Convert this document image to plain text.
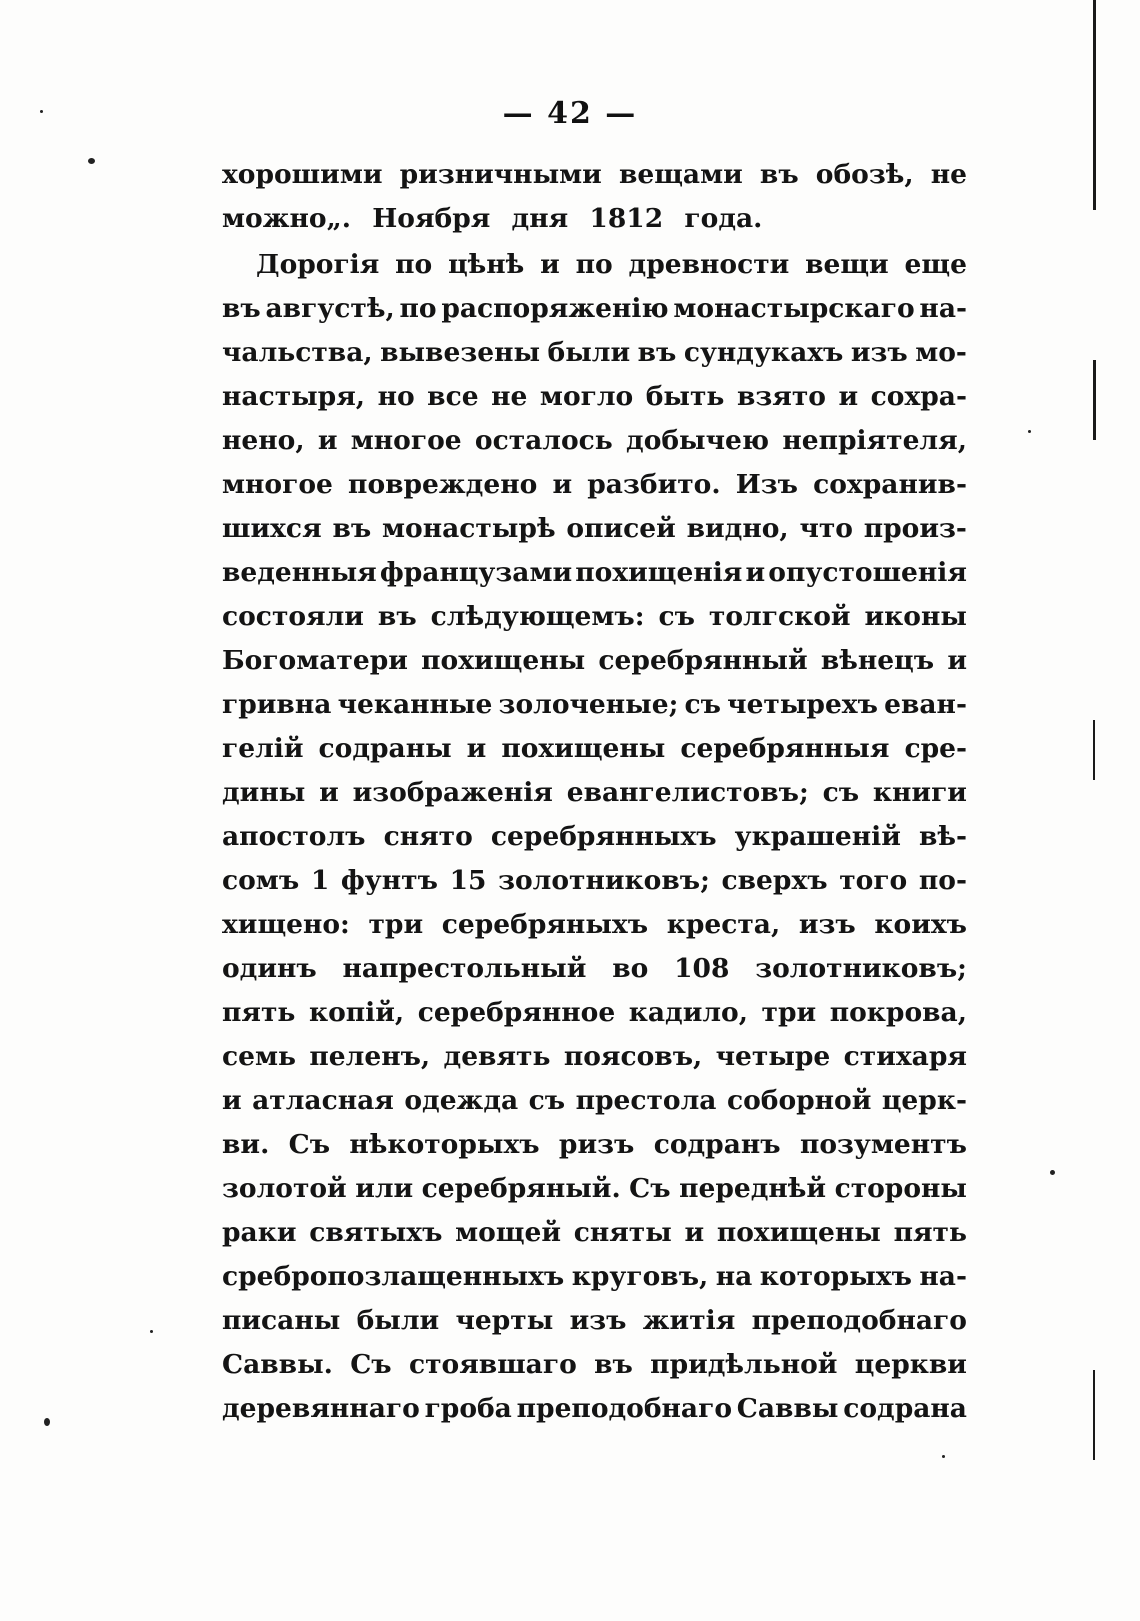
— 42 —
хорошими ризничными вещами въ обозѣ, не
можно„. Ноября дня 1812 года.
Дорогія по цѣнѣ и по древности вещи еще
въ августѣ, по распоряженію монастырскаго на-
чальства, вывезены были въ сундукахъ изъ мо-
настыря, но все не могло быть взято и сохра-
нено, и многое осталось добычею непріятеля,
многое повреждено и разбито. Изъ сохранив-
шихся въ монастырѣ описей видно, что произ-
веденныя французами похищенія и опустошенія
состояли въ слѣдующемъ: съ толгской иконы
Богоматери похищены серебрянный вѣнецъ и
гривна чеканные золоченые; съ четырехъ еван-
гелій содраны и похищены серебрянныя сре-
дины и изображенія евангелистовъ; съ книги
апостолъ снято серебрянныхъ украшеній вѣ-
сомъ 1 фунтъ 15 золотниковъ; сверхъ того по-
хищено: три серебряныхъ креста, изъ коихъ
одинъ напрестольный во 108 золотниковъ;
пять копій, серебрянное кадило, три покрова,
семь пеленъ, девять поясовъ, четыре стихаря
и атласная одежда съ престола соборной церк-
ви. Съ нѣкоторыхъ ризъ содранъ позументъ
золотой или серебряный. Съ переднѣй стороны
раки святыхъ мощей сняты и похищены пять
сребропозлащенныхъ круговъ, на которыхъ на-
писаны были черты изъ житія преподобнаго
Саввы. Съ стоявшаго въ придѣльной церкви
деревяннаго гроба преподобнаго Саввы содрана
